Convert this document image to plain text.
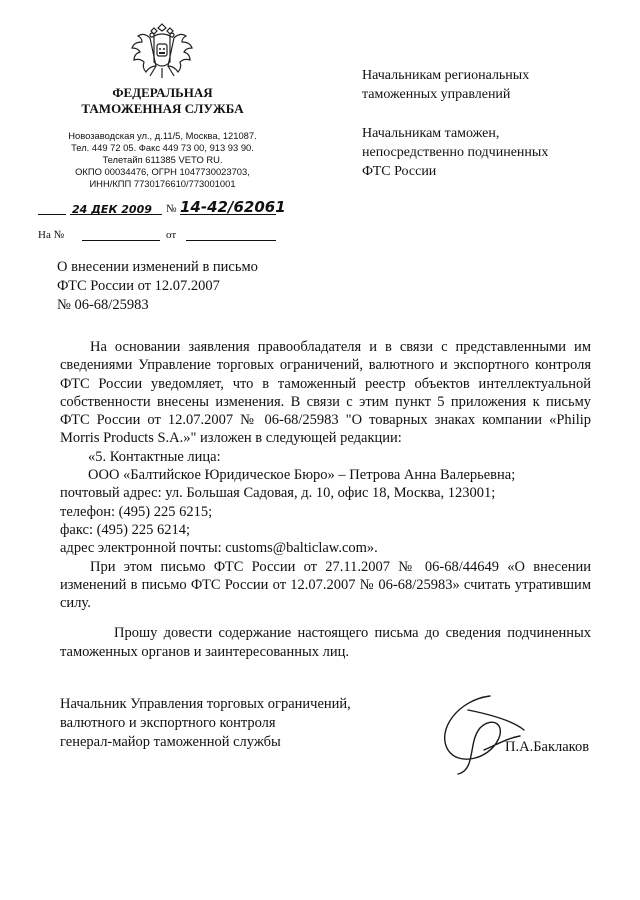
ФЕДЕРАЛЬНАЯ
ТАМОЖЕННАЯ СЛУЖБА
Новозаводская ул., д.11/5, Москва, 121087.
Тел. 449 72 05. Факс 449 73 00, 913 93 90.
Телетайп 611385 VETO RU.
ОКПО 00034476, ОГРН 1047730023703,
ИНН/КПП 7730176610/773001001
24 ДЕК 2009 № 14-42/62061
На №	от
Начальникам региональных
таможенных управлений
Начальникам таможен,
непосредственно подчиненных
ФТС России
О внесении изменений в письмо
ФТС России от 12.07.2007
№ 06-68/25983

На основании заявления правообладателя и в связи с представленными им сведениями Управление торговых ограничений, валютного и экспортного контроля ФТС России уведомляет, что в таможенный реестр объектов интеллектуальной собственности внесены изменения. В связи с этим пункт 5 приложения к письму ФТС России от 12.07.2007 № 06-68/25983 "О товарных знаках компании «Philip Morris Products S.A.»" изложен в следующей редакции:

«5. Контактные лица:

ООО «Балтийское Юридическое Бюро» – Петрова Анна Валерьевна;

почтовый адрес: ул. Большая Садовая, д. 10, офис 18, Москва, 123001;

телефон: (495) 225 6215;

факс: (495) 225 6214;

адрес электронной почты: customs@balticlaw.com».

При этом письмо ФТС России от 27.11.2007 № 06-68/44649 «О внесении изменений в письмо ФТС России от 12.07.2007 № 06-68/25983» считать утратившим силу.

Прошу довести содержание настоящего письма до сведения подчиненных таможенных органов и заинтересованных лиц.

Начальник Управления торговых ограничений,
валютного и экспортного контроля
генерал-майор таможенной службы	П.А.Баклаков
